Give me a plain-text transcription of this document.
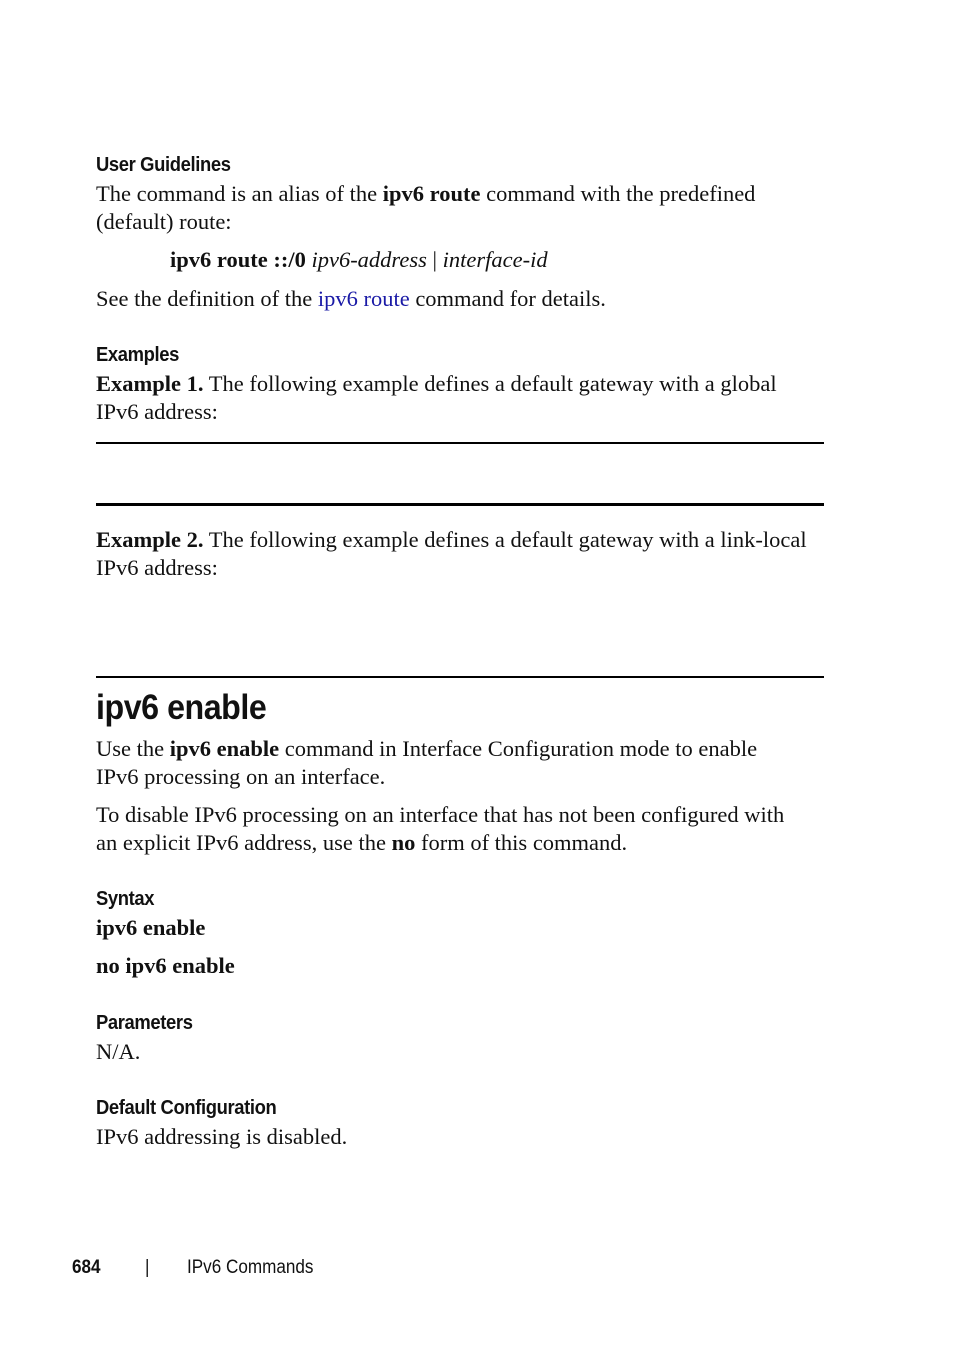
User Guidelines
The command is an alias of the ipv6 route command with the predefined
(default) route:
ipv6 route ::/0 ipv6-address | interface-id
See the definition of the ipv6 route command for details.
Examples
Example 1. The following example defines a default gateway with a global
IPv6 address:
Example 2. The following example defines a default gateway with a link-local
IPv6 address:
ipv6 enable
Use the ipv6 enable command in Interface Configuration mode to enable
IPv6 processing on an interface.
To disable IPv6 processing on an interface that has not been configured with
an explicit IPv6 address, use the no form of this command.
Syntax
ipv6 enable
no ipv6 enable
Parameters
N/A.
Default Configuration
IPv6 addressing is disabled.
684 | IPv6 Commands
